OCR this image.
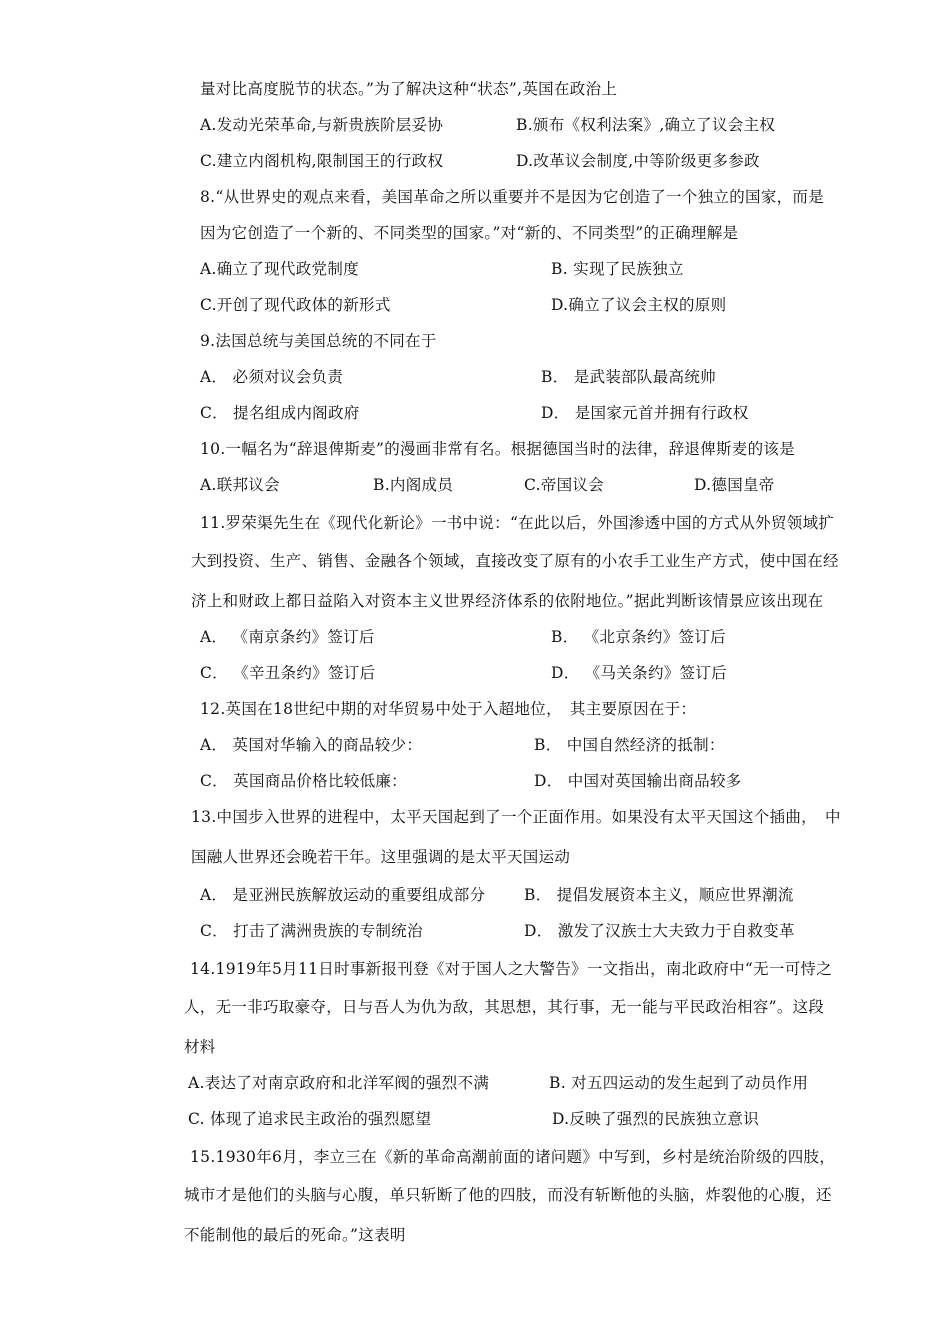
量对比高度脱节的状态。”为了解决这种“状态”,英国在政治上
A.发动光荣革命,与新贵族阶层妥协	B.颁布《权利法案》,确立了议会主权
C.建立内阁机构,限制国王的行政权	D.改革议会制度,中等阶级更多参政
8.“从世界史的观点来看，美国革命之所以重要并不是因为它创造了一个独立的国家，而是
因为它创造了一个新的、不同类型的国家。”对“新的、不同类型”的正确理解是
A.确立了现代政党制度	B. 实现了民族独立
C.开创了现代政体的新形式	D.确立了议会主权的原则
9.法国总统与美国总统的不同在于
A． 必须对议会负责	B． 是武装部队最高统帅
C． 提名组成内阁政府	D． 是国家元首并拥有行政权
10.一幅名为“辞退俾斯麦”的漫画非常有名。根据德国当时的法律，辞退俾斯麦的该是
A.联邦议会	B.内阁成员	C.帝国议会	D.德国皇帝
11.罗荣渠先生在《现代化新论》一书中说：“在此以后，外国渗透中国的方式从外贸领域扩
大到投资、生产、销售、金融各个领域，直接改变了原有的小农手工业生产方式，使中国在经
济上和财政上都日益陷入对资本主义世界经济体系的依附地位。”据此判断该情景应该出现在
A． 《南京条约》签订后	B． 《北京条约》签订后
C． 《辛丑条约》签订后	D． 《马关条约》签订后
12.英国在18世纪中期的对华贸易中处于入超地位，　其主要原因在于：
A． 英国对华输入的商品较少：	B． 中国自然经济的抵制：
C． 英国商品价格比较低廉：	D． 中国对英国输出商品较多
13.中国步入世界的进程中，太平天国起到了一个正面作用。如果没有太平天国这个插曲，　中
国融人世界还会晚若干年。这里强调的是太平天国运动
A． 是亚洲民族解放运动的重要组成部分 B． 提倡发展资本主义，顺应世界潮流
C． 打击了满洲贵族的专制统治	D． 激发了汉族士大夫致力于自救变革
14.1919年5月11日时事新报刊登《对于国人之大警告》一文指出，南北政府中“无一可恃之
人，无一非巧取豪夺，日与吾人为仇为敌，其思想，其行事，无一能与平民政治相容”。这段
材料
A.表达了对南京政府和北洋军阀的强烈不满	B. 对五四运动的发生起到了动员作用
C. 体现了追求民主政治的强烈愿望	D.反映了强烈的民族独立意识
15.1930年6月，李立三在《新的革命高潮前面的诸问题》中写到，乡村是统治阶级的四肢，
城市才是他们的头脑与心腹，单只斩断了他的四肢，而没有斩断他的头脑，炸裂他的心腹，还
不能制他的最后的死命。”这表明
